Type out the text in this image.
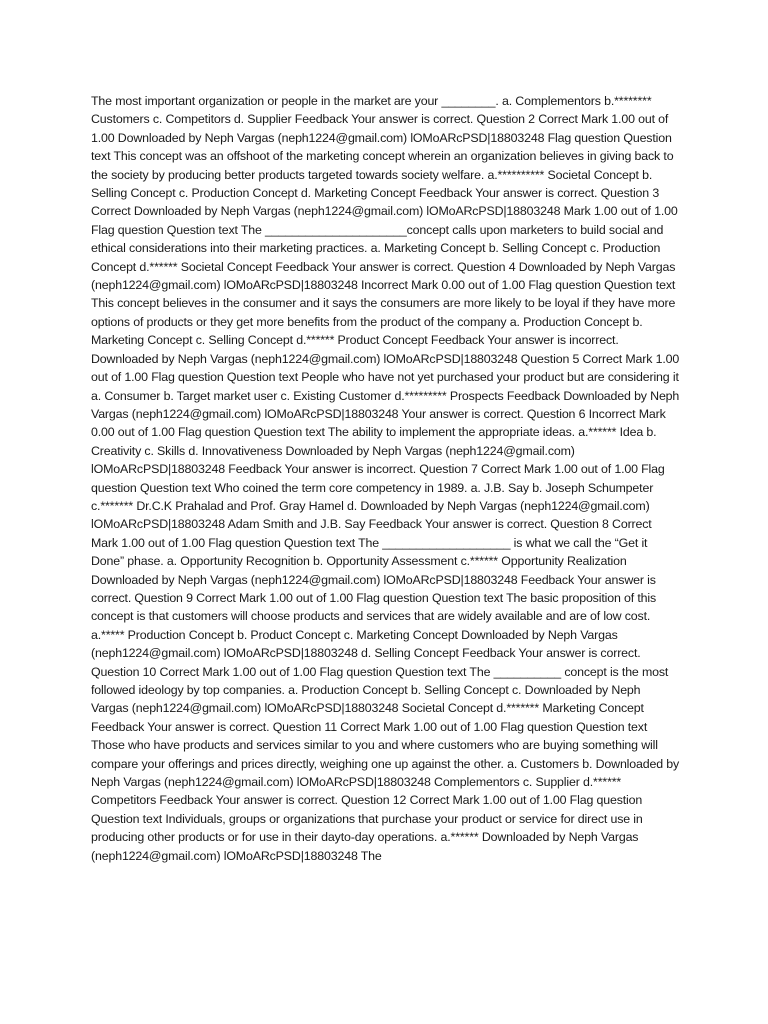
The most important organization or people in the market are your ________. a. Complementors b.******** Customers c. Competitors d. Supplier Feedback Your answer is correct. Question 2 Correct Mark 1.00 out of 1.00 Downloaded by Neph Vargas (neph1224@gmail.com) lOMoARcPSD|18803248 Flag question Question text This concept was an offshoot of the marketing concept wherein an organization believes in giving back to the society by producing better products targeted towards society welfare. a.********** Societal Concept b. Selling Concept c. Production Concept d. Marketing Concept Feedback Your answer is correct. Question 3 Correct Downloaded by Neph Vargas (neph1224@gmail.com) lOMoARcPSD|18803248 Mark 1.00 out of 1.00 Flag question Question text The _____________________concept calls upon marketers to build social and ethical considerations into their marketing practices. a. Marketing Concept b. Selling Concept c. Production Concept d.****** Societal Concept Feedback Your answer is correct. Question 4 Downloaded by Neph Vargas (neph1224@gmail.com) lOMoARcPSD|18803248 Incorrect Mark 0.00 out of 1.00 Flag question Question text This concept believes in the consumer and it says the consumers are more likely to be loyal if they have more options of products or they get more benefits from the product of the company a. Production Concept b. Marketing Concept c. Selling Concept d.****** Product Concept Feedback Your answer is incorrect. Downloaded by Neph Vargas (neph1224@gmail.com) lOMoARcPSD|18803248 Question 5 Correct Mark 1.00 out of 1.00 Flag question Question text People who have not yet purchased your product but are considering it a. Consumer b. Target market user c. Existing Customer d.********* Prospects Feedback Downloaded by Neph Vargas (neph1224@gmail.com) lOMoARcPSD|18803248 Your answer is correct. Question 6 Incorrect Mark 0.00 out of 1.00 Flag question Question text The ability to implement the appropriate ideas. a.****** Idea b. Creativity c. Skills d. Innovativeness Downloaded by Neph Vargas (neph1224@gmail.com) lOMoARcPSD|18803248 Feedback Your answer is incorrect. Question 7 Correct Mark 1.00 out of 1.00 Flag question Question text Who coined the term core competency in 1989. a. J.B. Say b. Joseph Schumpeter c.******* Dr.C.K Prahalad and Prof. Gray Hamel d. Downloaded by Neph Vargas (neph1224@gmail.com) lOMoARcPSD|18803248 Adam Smith and J.B. Say Feedback Your answer is correct. Question 8 Correct Mark 1.00 out of 1.00 Flag question Question text The ___________________ is what we call the “Get it Done” phase. a. Opportunity Recognition b. Opportunity Assessment c.****** Opportunity Realization Downloaded by Neph Vargas (neph1224@gmail.com) lOMoARcPSD|18803248 Feedback Your answer is correct. Question 9 Correct Mark 1.00 out of 1.00 Flag question Question text The basic proposition of this concept is that customers will choose products and services that are widely available and are of low cost. a.***** Production Concept b. Product Concept c. Marketing Concept Downloaded by Neph Vargas (neph1224@gmail.com) lOMoARcPSD|18803248 d. Selling Concept Feedback Your answer is correct. Question 10 Correct Mark 1.00 out of 1.00 Flag question Question text The __________ concept is the most followed ideology by top companies. a. Production Concept b. Selling Concept c. Downloaded by Neph Vargas (neph1224@gmail.com) lOMoARcPSD|18803248 Societal Concept d.******* Marketing Concept Feedback Your answer is correct. Question 11 Correct Mark 1.00 out of 1.00 Flag question Question text Those who have products and services similar to you and where customers who are buying something will compare your offerings and prices directly, weighing one up against the other. a. Customers b. Downloaded by Neph Vargas (neph1224@gmail.com) lOMoARcPSD|18803248 Complementors c. Supplier d.****** Competitors Feedback Your answer is correct. Question 12 Correct Mark 1.00 out of 1.00 Flag question Question text Individuals, groups or organizations that purchase your product or service for direct use in producing other products or for use in their dayto-day operations. a.****** Downloaded by Neph Vargas (neph1224@gmail.com) lOMoARcPSD|18803248 The
